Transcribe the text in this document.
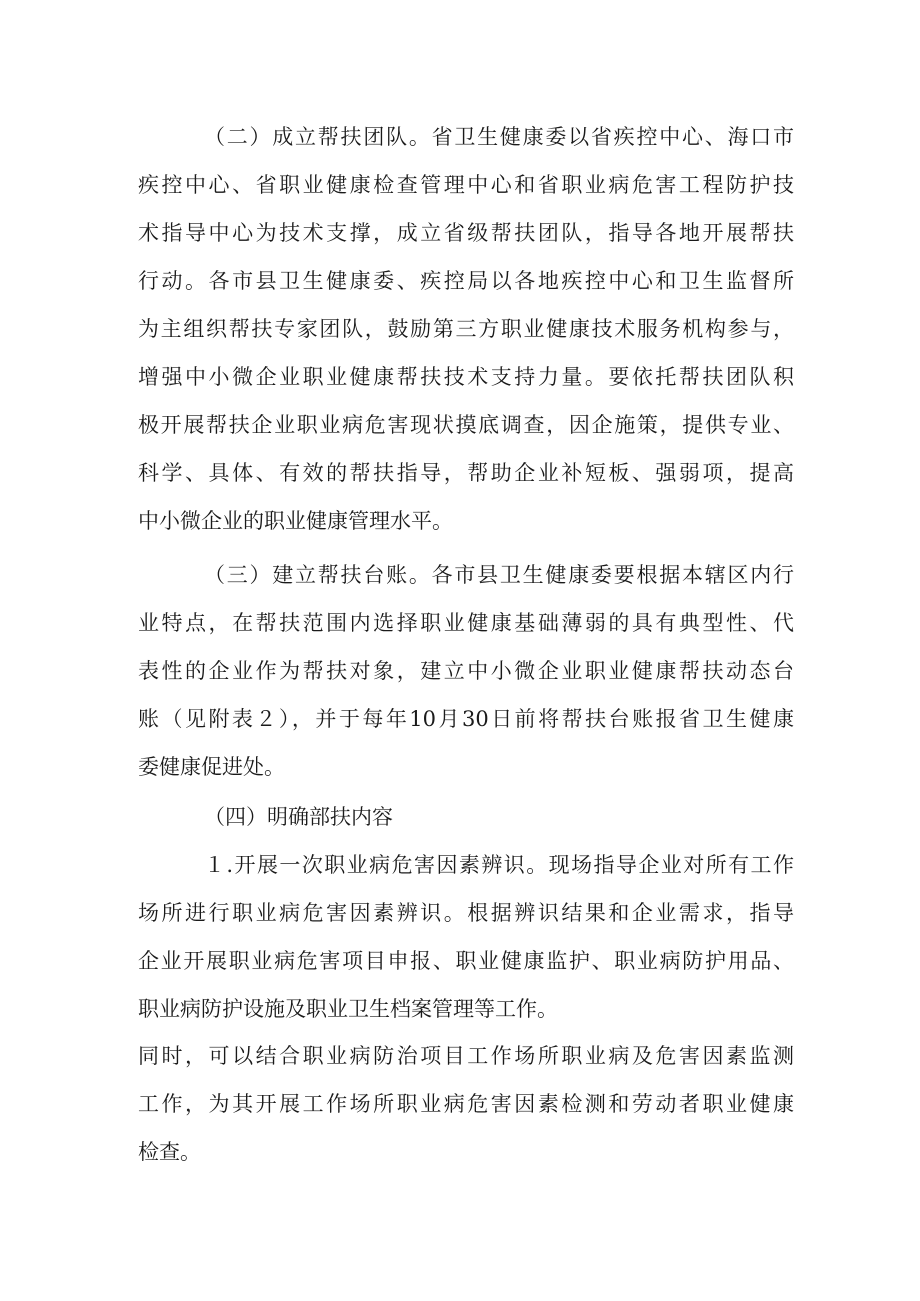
（二）成立帮扶团队。省卫生健康委以省疾控中心、海口市
疾控中心、省职业健康检查管理中心和省职业病危害工程防护技
术指导中心为技术支撑，成立省级帮扶团队，指导各地开展帮扶
行动。各市县卫生健康委、疾控局以各地疾控中心和卫生监督所
为主组织帮扶专家团队，鼓励第三方职业健康技术服务机构参与，
增强中小微企业职业健康帮扶技术支持力量。要依托帮扶团队积
极开展帮扶企业职业病危害现状摸底调查，因企施策，提供专业、
科学、具体、有效的帮扶指导，帮助企业补短板、强弱项，提高
中小微企业的职业健康管理水平。
（三）建立帮扶台账。各市县卫生健康委要根据本辖区内行
业特点，在帮扶范围内选择职业健康基础薄弱的具有典型性、代
表性的企业作为帮扶对象，建立中小微企业职业健康帮扶动态台
账（见附表２），并于每年10月30日前将帮扶台账报省卫生健康
委健康促进处。
（四）明确部扶内容
１.开展一次职业病危害因素辨识。现场指导企业对所有工作
场所进行职业病危害因素辨识。根据辨识结果和企业需求，指导
企业开展职业病危害项目申报、职业健康监护、职业病防护用品、
职业病防护设施及职业卫生档案管理等工作。
同时，可以结合职业病防治项目工作场所职业病及危害因素监测
工作，为其开展工作场所职业病危害因素检测和劳动者职业健康
检查。
